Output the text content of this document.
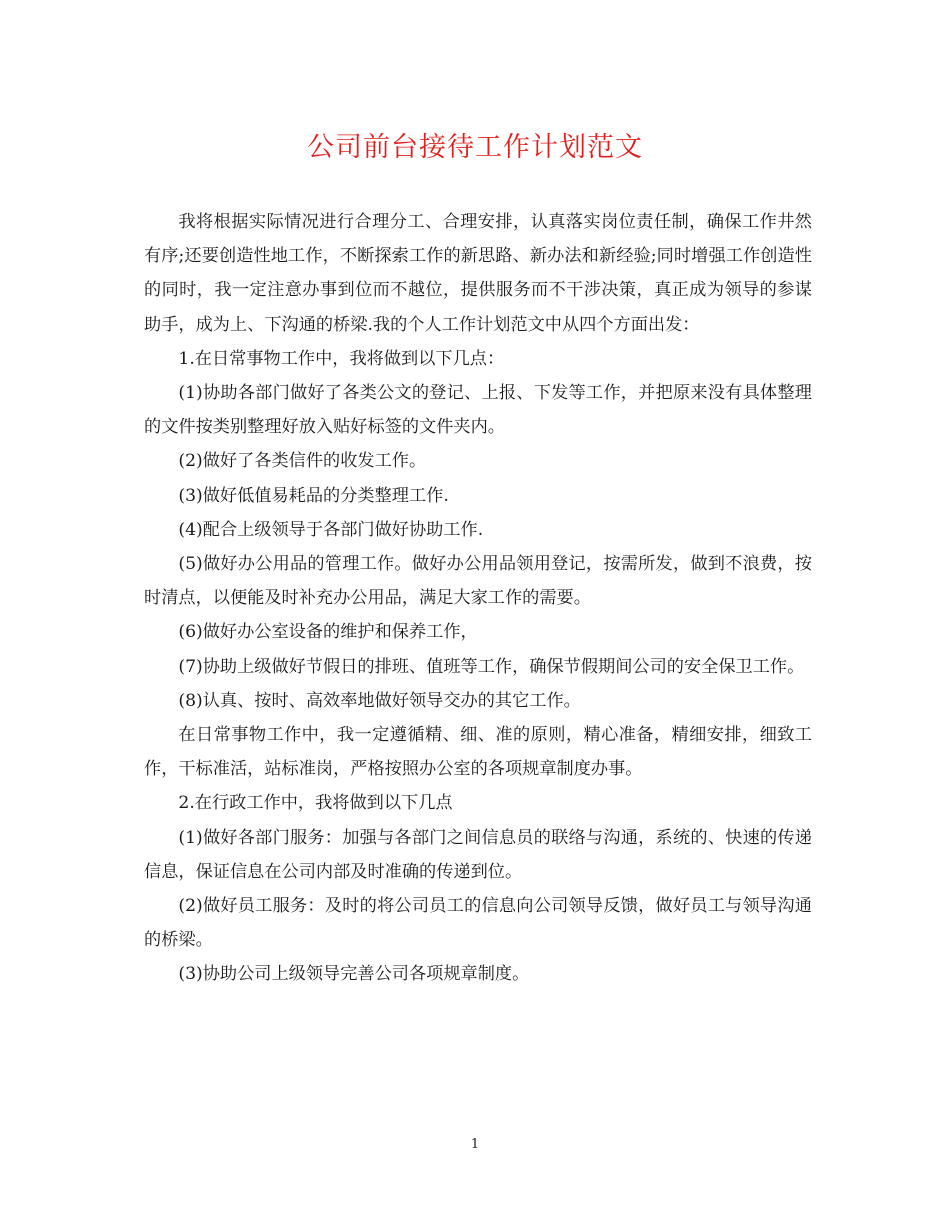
公司前台接待工作计划范文

我将根据实际情况进行合理分工、合理安排，认真落实岗位责任制，确保工作井然有序;还要创造性地工作，不断探索工作的新思路、新办法和新经验;同时增强工作创造性的同时，我一定注意办事到位而不越位，提供服务而不干涉决策，真正成为领导的参谋助手，成为上、下沟通的桥梁.我的个人工作计划范文中从四个方面出发：

1.在日常事物工作中，我将做到以下几点：

(1)协助各部门做好了各类公文的登记、上报、下发等工作，并把原来没有具体整理的文件按类别整理好放入贴好标签的文件夹内。

(2)做好了各类信件的收发工作。

(3)做好低值易耗品的分类整理工作.

(4)配合上级领导于各部门做好协助工作.

(5)做好办公用品的管理工作。做好办公用品领用登记，按需所发，做到不浪费，按时清点，以便能及时补充办公用品，满足大家工作的需要。

(6)做好办公室设备的维护和保养工作，

(7)协助上级做好节假日的排班、值班等工作，确保节假期间公司的安全保卫工作。

(8)认真、按时、高效率地做好领导交办的其它工作。

在日常事物工作中，我一定遵循精、细、准的原则，精心准备，精细安排，细致工作，干标准活，站标准岗，严格按照办公室的各项规章制度办事。

2.在行政工作中，我将做到以下几点

(1)做好各部门服务：加强与各部门之间信息员的联络与沟通，系统的、快速的传递信息，保证信息在公司内部及时准确的传递到位。

(2)做好员工服务：及时的将公司员工的信息向公司领导反馈，做好员工与领导沟通的桥梁。

(3)协助公司上级领导完善公司各项规章制度。

1
